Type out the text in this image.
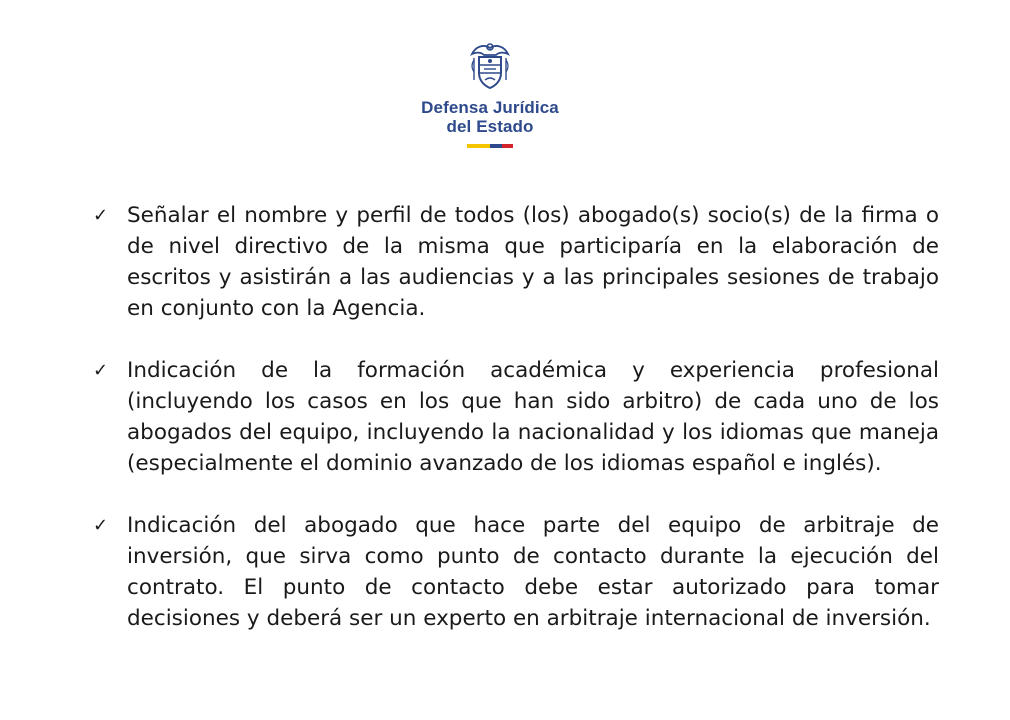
Defensa Jurídica
del Estado
✓ Señalar el nombre y perfil de todos (los) abogado(s) socio(s) de la firma o de nivel directivo de la misma que participaría en la elaboración de escritos y asistirán a las audiencias y a las principales sesiones de trabajo en conjunto con la Agencia.

✓ Indicación de la formación académica y experiencia profesional (incluyendo los casos en los que han sido arbitro) de cada uno de los abogados del equipo, incluyendo la nacionalidad y los idiomas que maneja (especialmente el dominio avanzado de los idiomas español e inglés).

✓ Indicación del abogado que hace parte del equipo de arbitraje de inversión, que sirva como punto de contacto durante la ejecución del contrato. El punto de contacto debe estar autorizado para tomar decisiones y deberá ser un experto en arbitraje internacional de inversión.
